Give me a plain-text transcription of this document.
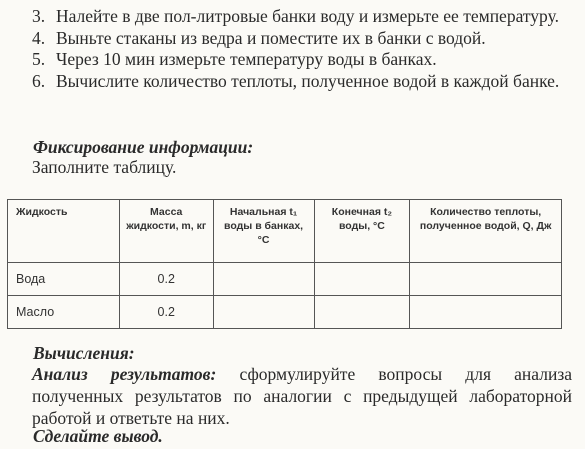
3. Налейте в две пол-литровые банки воду и измерьте ее температуру.
4. Выньте стаканы из ведра и поместите их в банки с водой.
5. Через 10 мин измерьте температуру воды в банках.
6. Вычислите количество теплоты, полученное водой в каждой банке.
Фиксирование информации:
Заполните таблицу.
Жидкость	Масса жидкости, m, кг	Начальная t₁ воды в банках, °С	Конечная t₂ воды, °С	Количество теплоты, полученное водой, Q, Дж
Вода	0.2			
Масло	0.2			
Вычисления:
Анализ результатов: сформулируйте вопросы для анализа полученных результатов по аналогии с предыдущей лабораторной работой и ответьте на них.
Сделайте вывод.
